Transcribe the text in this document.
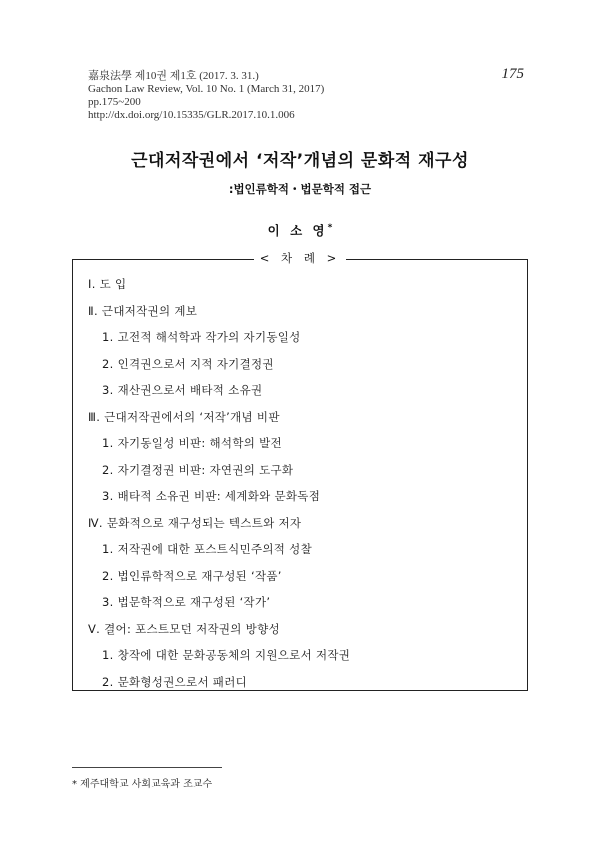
嘉泉法學 제10권 제1호 (2017. 3. 31.)
Gachon Law Review, Vol. 10 No. 1 (March 31, 2017)
pp.175~200
http://dx.doi.org/10.15335/GLR.2017.10.1.006
175
근대저작권에서 ‘저작’개념의 문화적 재구성
:법인류학적・법문학적 접근
이 소 영*
< 차 례 >
Ⅰ. 도 입
Ⅱ. 근대저작권의 계보
1. 고전적 해석학과 작가의 자기동일성
2. 인격권으로서 지적 자기결정권
3. 재산권으로서 배타적 소유권
Ⅲ. 근대저작권에서의 ‘저작’개념 비판
1. 자기동일성 비판: 해석학의 발전
2. 자기결정권 비판: 자연권의 도구화
3. 배타적 소유권 비판: 세계화와 문화독점
Ⅳ. 문화적으로 재구성되는 텍스트와 저자
1. 저작권에 대한 포스트식민주의적 성찰
2. 법인류학적으로 재구성된 ‘작품’
3. 법문학적으로 재구성된 ‘작가’
Ⅴ. 결어: 포스트모던 저작권의 방향성
1. 창작에 대한 문화공동체의 지원으로서 저작권
2. 문화형성권으로서 패러디
* 제주대학교 사회교육과 조교수
